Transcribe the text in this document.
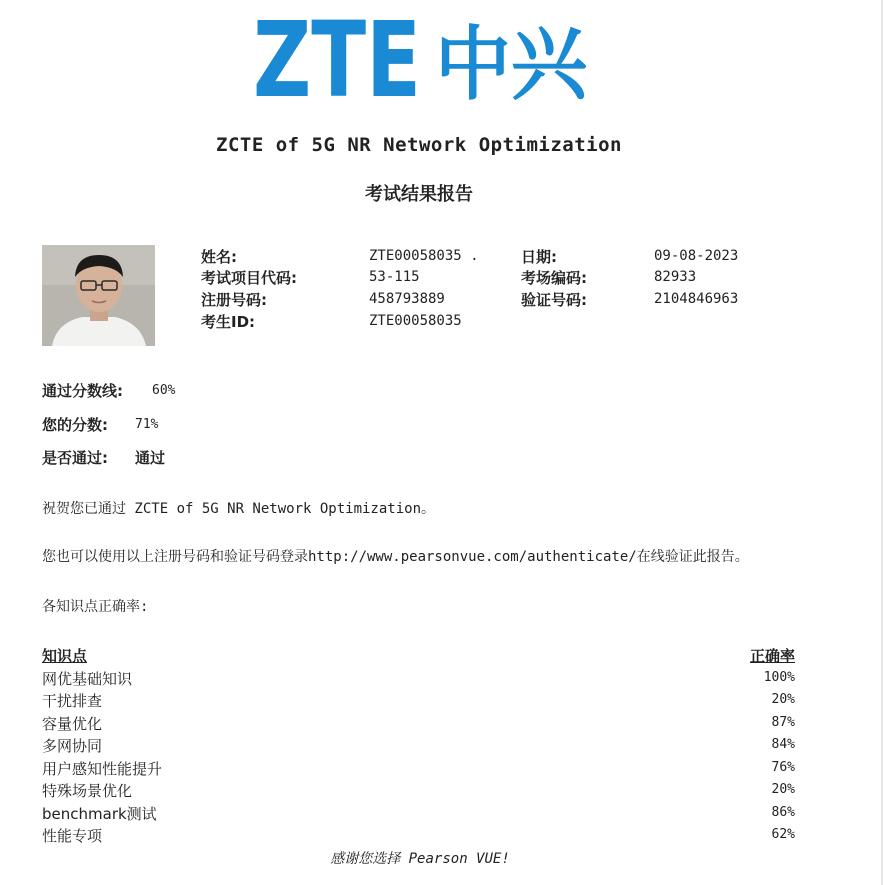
ZTE 中兴
ZCTE of 5G NR Network Optimization
考试结果报告
姓名:	ZTE00058035 .
考试项目代码:	53-115
注册号码:	458793889
考生ID:	ZTE00058035
日期:	09-08-2023
考场编码:	82933
验证号码:	2104846963
通过分数线: 60%
您的分数: 71%
是否通过: 通过
祝贺您已通过 ZCTE of 5G NR Network Optimization。
您也可以使用以上注册号码和验证号码登录http://www.pearsonvue.com/authenticate/在线验证此报告。
各知识点正确率:
知识点	正确率
网优基础知识	100%
干扰排查	20%
容量优化	87%
多网协同	84%
用户感知性能提升	76%
特殊场景优化	20%
benchmark测试	86%
性能专项	62%
感谢您选择 Pearson VUE!
